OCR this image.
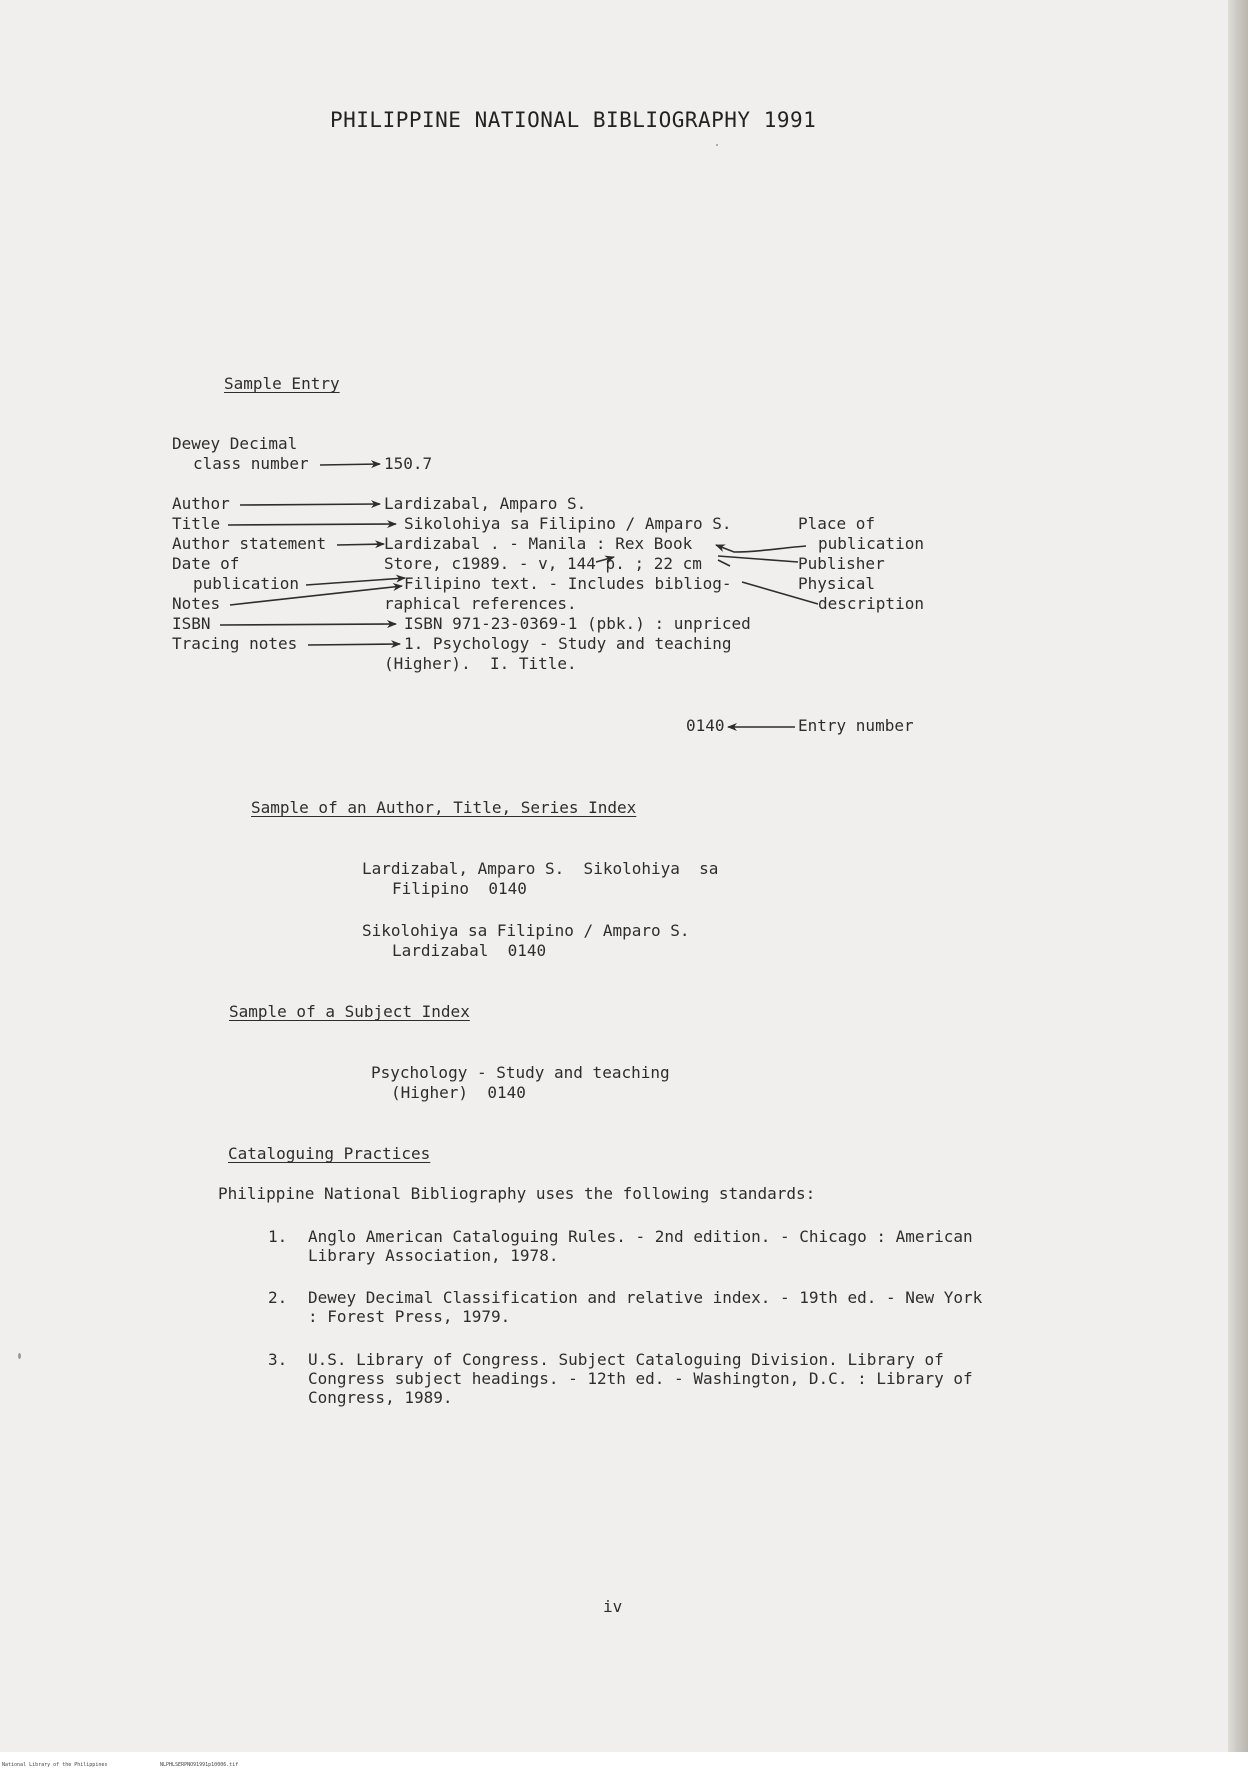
PHILIPPINE NATIONAL BIBLIOGRAPHY 1991
Sample Entry
Dewey Decimal
class number
Author
Title
Author statement
Date of
publication
Notes
ISBN
Tracing notes
150.7
Lardizabal, Amparo S.
Sikolohiya sa Filipino / Amparo S.
Lardizabal . - Manila : Rex Book
Store, c1989. - v, 144 p. ; 22 cm
Filipino text. - Includes bibliog-
raphical references.
ISBN 971-23-0369-1 (pbk.) : unpriced
1. Psychology - Study and teaching
(Higher).  I. Title.
Place of
publication
Publisher
Physical
description
0140	Entry number
Sample of an Author, Title, Series Index
Lardizabal, Amparo S.  Sikolohiya  sa
Filipino  0140
Sikolohiya sa Filipino / Amparo S.
Lardizabal  0140
Sample of a Subject Index
Psychology - Study and teaching
(Higher)  0140
Cataloguing Practices
Philippine National Bibliography uses the following standards:
1. Anglo American Cataloguing Rules. - 2nd edition. - Chicago : American
Library Association, 1978.
2. Dewey Decimal Classification and relative index. - 19th ed. - New York
: Forest Press, 1979.
3. U.S. Library of Congress. Subject Cataloguing Division. Library of
Congress subject headings. - 12th ed. - Washington, D.C. : Library of
Congress, 1989.
iv
National Library of the Philippines	NLPHLSERPNO91991p10006.tif
